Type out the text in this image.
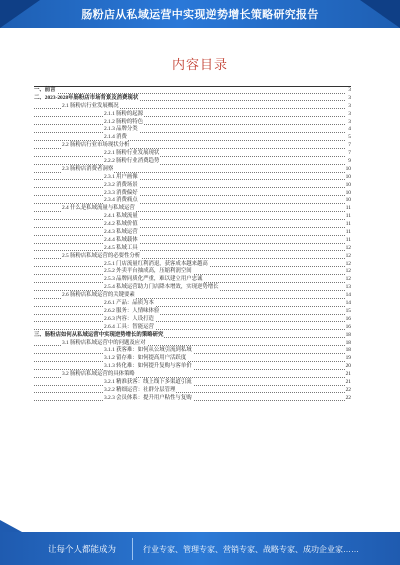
肠粉店从私域运营中实现逆势增长策略研究报告
内容目录
一、前言	3
二、2023-2028年肠粉店市场背景及消费现状	3
2.1 肠粉店行业发展概况	3
2.1.1 肠粉的起源	3
2.1.2 肠粉的特色	3
2.1.3 品牌分类	4
2.1.4 消费	5
2.2 肠粉店行业市场现状分析	7
2.2.1 肠粉行业发展现状	7
2.2.2 肠粉行业消费趋势	9
2.3 肠粉店消费者洞察	10
2.3.1 用户画像	10
2.3.2 消费场景	10
2.3.3 消费偏好	10
2.3.4 消费痛点	10
2.4 什么是私域流量与私域运营	11
2.4.1 私域流量	11
2.4.2 私域价值	11
2.4.3 私域运营	11
2.4.4 私域载体	11
2.4.5 私域工具	12
2.5 肠粉店私域运营的必要性分析	12
2.5.1 门店流量红利消退，获客成本越来越高	12
2.5.2 外卖平台抽成高，压缩利润空间	12
2.5.3 品牌同质化严重，难以建立用户忠诚	12
2.5.4 私域运营助力门店降本增效，实现逆势增长	13
2.6 肠粉店私域运营的关键要素	14
2.6.1 产品：品质为本	14
2.6.2 服务：人情味体验	15
2.6.3 内容：人设打造	16
2.6.4 工具：智能运营	16
三、肠粉店如何从私域运营中实现逆势增长的策略研究	18
3.1 肠粉店私域运营中的问题及应对	18
3.1.1 获客难：如何从公域引流到私域	18
3.1.2 留存难：如何提高用户活跃度	19
3.1.3 转化难：如何提升复购与客单价	20
3.2 肠粉店私域运营的具体策略	21
3.2.1 精准获客：线上线下多渠道引流	21
3.2.2 精细运营：社群分层管理	22
3.2.3 会员体系：提升用户粘性与复购	22
让每个人都能成为	行业专家、管理专家、营销专家、战略专家、成功企业家……
